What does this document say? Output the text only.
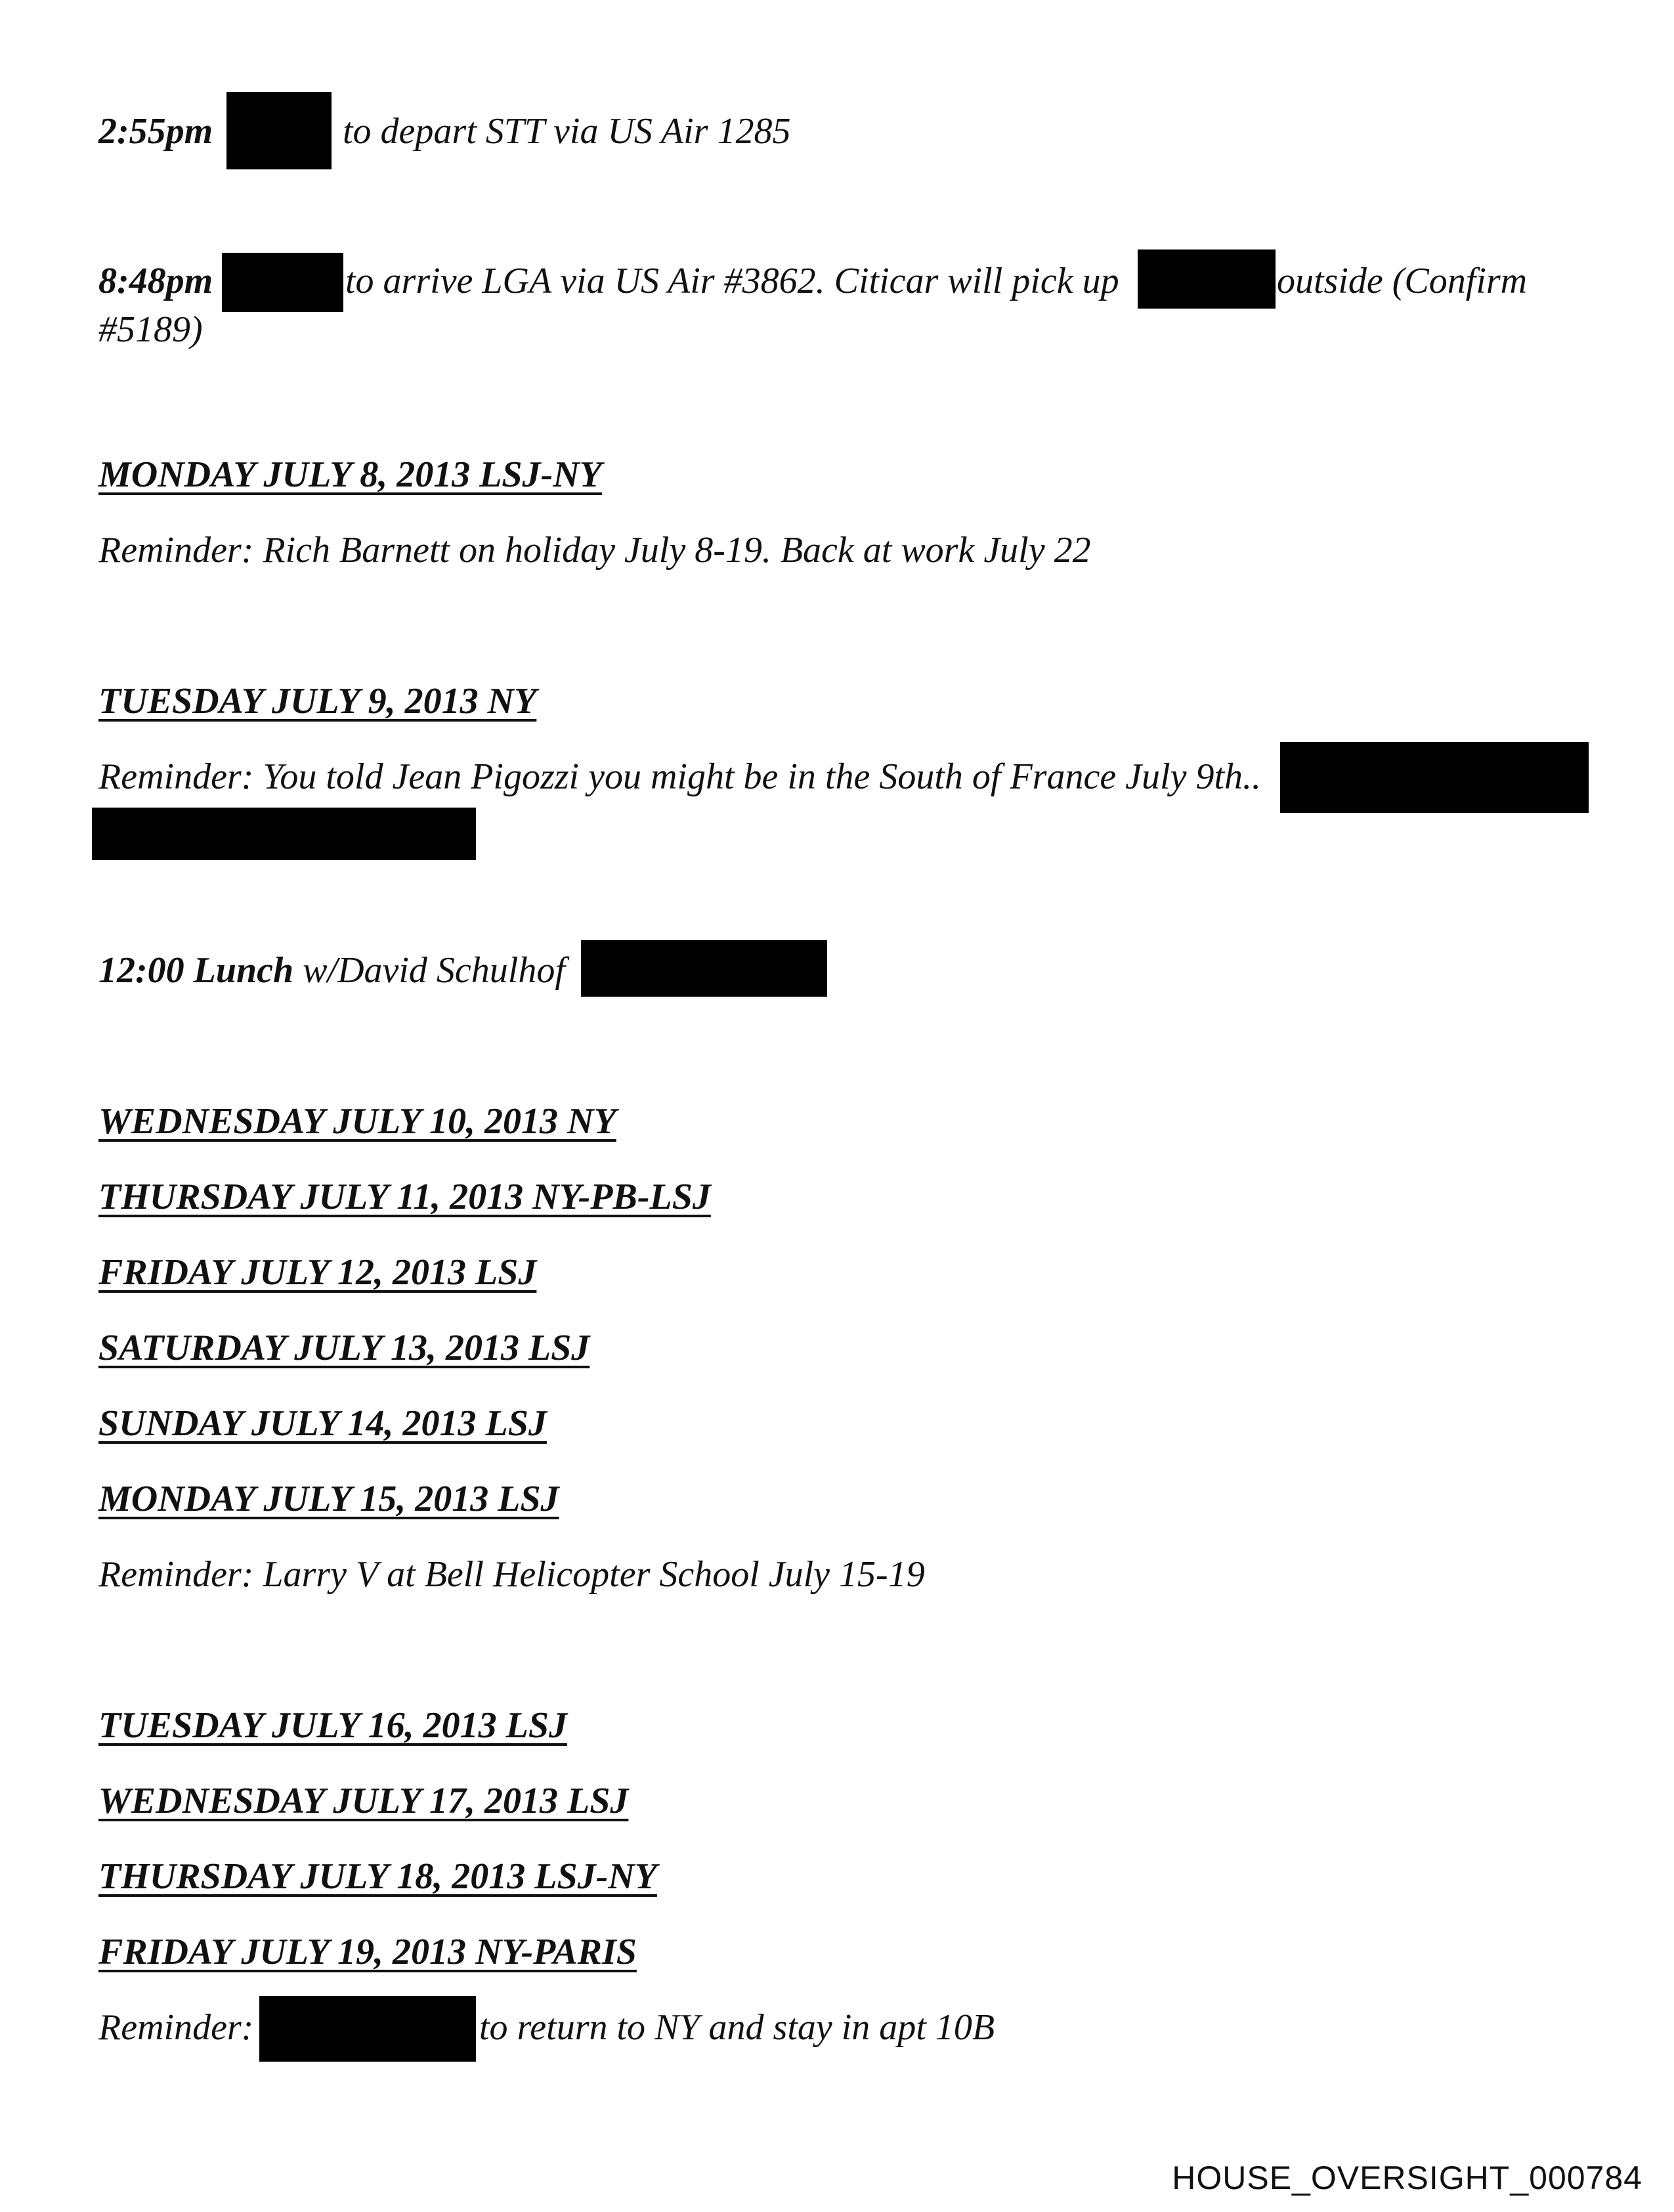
2:55pm	to depart STT via US Air 1285
8:48pm	to arrive LGA via US Air #3862. Citicar will pick up	outside (Confirm
#5189)
MONDAY JULY 8, 2013 LSJ-NY
Reminder: Rich Barnett on holiday July 8-19. Back at work July 22
TUESDAY JULY 9, 2013 NY
Reminder: You told Jean Pigozzi you might be in the South of France July 9th..
12:00 Lunch w/David Schulhof
WEDNESDAY JULY 10, 2013 NY
THURSDAY JULY 11, 2013 NY-PB-LSJ
FRIDAY JULY 12, 2013 LSJ
SATURDAY JULY 13, 2013 LSJ
SUNDAY JULY 14, 2013 LSJ
MONDAY JULY 15, 2013 LSJ
Reminder: Larry V at Bell Helicopter School July 15-19
TUESDAY JULY 16, 2013 LSJ
WEDNESDAY JULY 17, 2013 LSJ
THURSDAY JULY 18, 2013 LSJ-NY
FRIDAY JULY 19, 2013 NY-PARIS
Reminder:	to return to NY and stay in apt 10B
HOUSE_OVERSIGHT_000784
